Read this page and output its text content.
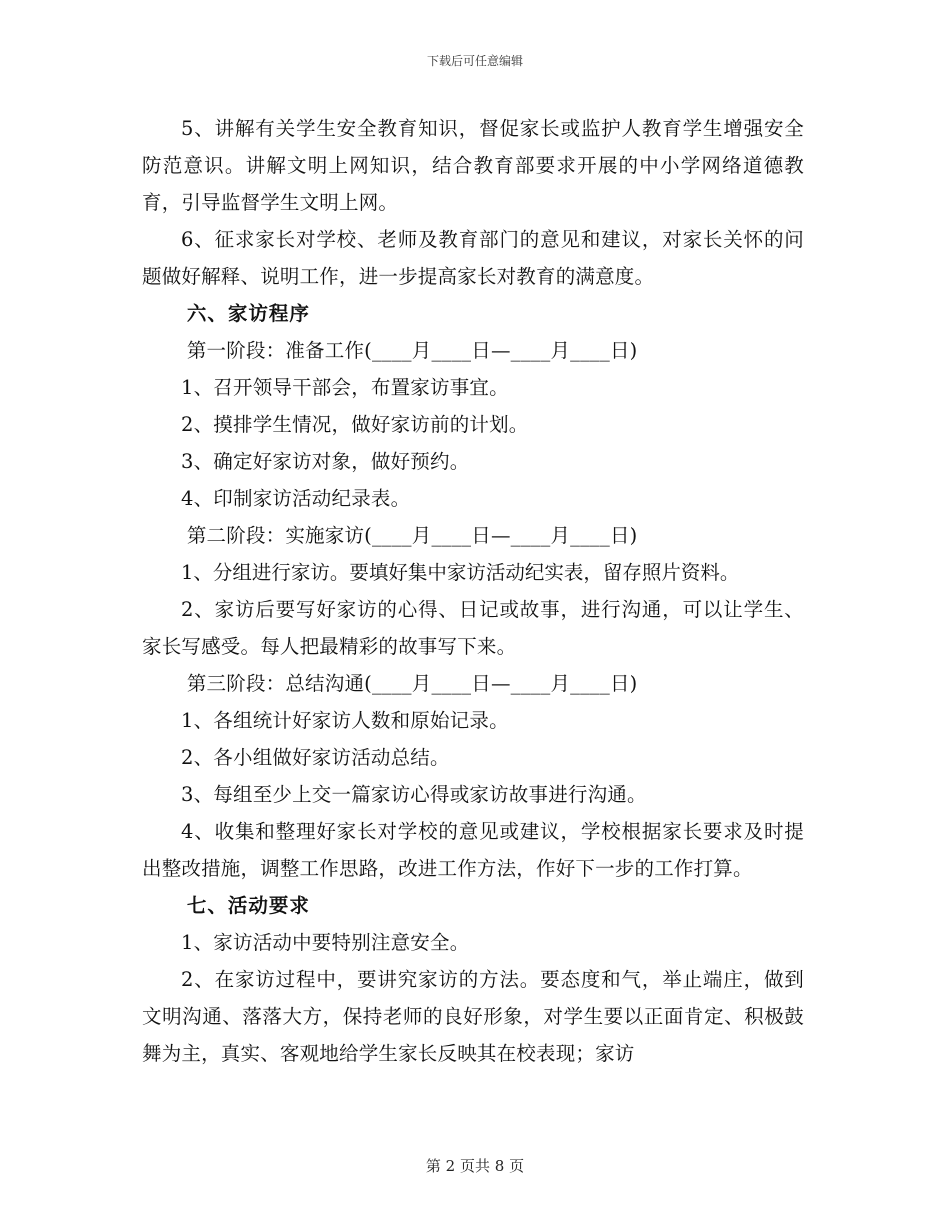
下载后可任意编辑

5、讲解有关学生安全教育知识，督促家长或监护人教育学生增强安全防范意识。讲解文明上网知识，结合教育部要求开展的中小学网络道德教育，引导监督学生文明上网。

6、征求家长对学校、老师及教育部门的意见和建议，对家长关怀的问题做好解释、说明工作，进一步提高家长对教育的满意度。

六、家访程序

第一阶段：准备工作(____月____日—____月____日)

1、召开领导干部会，布置家访事宜。

2、摸排学生情况，做好家访前的计划。

3、确定好家访对象，做好预约。

4、印制家访活动纪录表。

第二阶段：实施家访(____月____日—____月____日)

1、分组进行家访。要填好集中家访活动纪实表，留存照片资料。

2、家访后要写好家访的心得、日记或故事，进行沟通，可以让学生、家长写感受。每人把最精彩的故事写下来。

第三阶段：总结沟通(____月____日—____月____日)

1、各组统计好家访人数和原始记录。

2、各小组做好家访活动总结。

3、每组至少上交一篇家访心得或家访故事进行沟通。

4、收集和整理好家长对学校的意见或建议，学校根据家长要求及时提出整改措施，调整工作思路，改进工作方法，作好下一步的工作打算。

七、活动要求

1、家访活动中要特别注意安全。

2、在家访过程中，要讲究家访的方法。要态度和气，举止端庄，做到文明沟通、落落大方，保持老师的良好形象，对学生要以正面肯定、积极鼓舞为主，真实、客观地给学生家长反映其在校表现；家访

第 2 页共 8 页
